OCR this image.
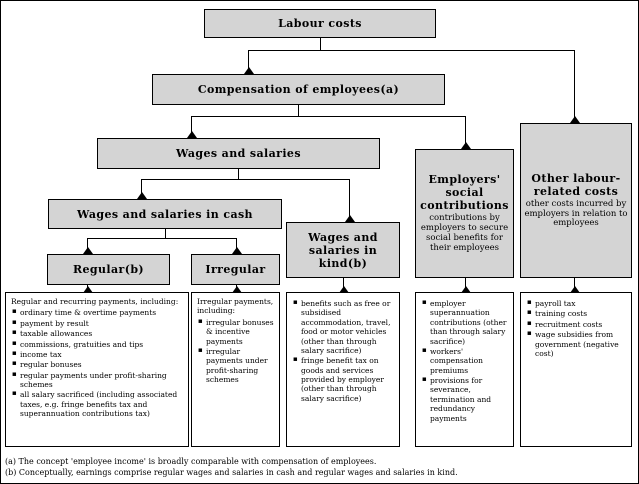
Labour costs
Compensation of employees(a)
Other labour-related costs
other costs incurred by employers in relation to employees
Wages and salaries
Employers' social contributions
contributions by employers to secure social benefits for their employees
Wages and salaries in cash
Wages and salaries in kind(b)
Regular(b)	Irregular
Regular and recurring payments, including:
▪ ordinary time & overtime payments
▪ payment by result
▪ taxable allowances
▪ commissions, gratuities and tips
▪ income tax
▪ regular bonuses
▪ regular payments under profit-sharing schemes
▪ all salary sacrificed (including associated taxes, e.g. fringe benefits tax and superannuation contributions tax)
Irregular payments, including:
▪ irregular bonuses & incentive payments
▪ irregular payments under profit-sharing schemes
▪ benefits such as free or subsidised accommodation, travel, food or motor vehicles (other than through salary sacrifice)
▪ fringe benefit tax on goods and services provided by employer (other than through salary sacrifice)
▪ employer superannuation contributions (other than through salary sacrifice)
▪ workers' compensation premiums
▪ provisions for severance, termination and redundancy payments
▪ payroll tax
▪ training costs
▪ recruitment costs
▪ wage subsidies from government (negative cost)
(a) The concept 'employee income' is broadly comparable with compensation of employees.
(b) Conceptually, earnings comprise regular wages and salaries in cash and regular wages and salaries in kind.
